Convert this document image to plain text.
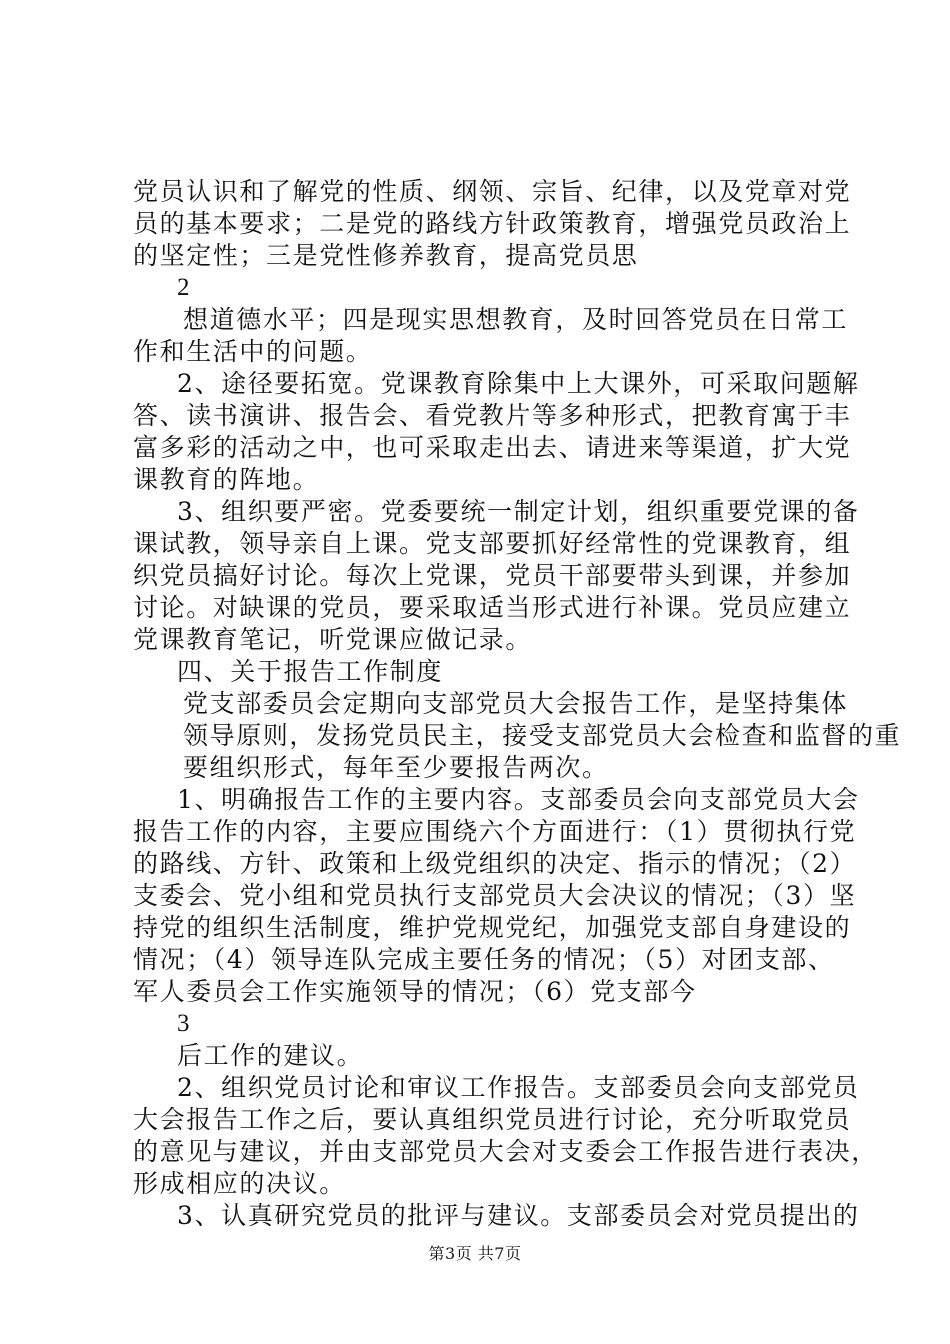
党员认识和了解党的性质、纲领、宗旨、纪律，以及党章对党
员的基本要求；二是党的路线方针政策教育，增强党员政治上
的坚定性；三是党性修养教育，提高党员思
2
想道德水平；四是现实思想教育，及时回答党员在日常工
作和生活中的问题。
2、途径要拓宽。党课教育除集中上大课外，可采取问题解
答、读书演讲、报告会、看党教片等多种形式，把教育寓于丰
富多彩的活动之中，也可采取走出去、请进来等渠道，扩大党
课教育的阵地。
3、组织要严密。党委要统一制定计划，组织重要党课的备
课试教，领导亲自上课。党支部要抓好经常性的党课教育，组
织党员搞好讨论。每次上党课，党员干部要带头到课，并参加
讨论。对缺课的党员，要采取适当形式进行补课。党员应建立
党课教育笔记，听党课应做记录。
四、关于报告工作制度
党支部委员会定期向支部党员大会报告工作，是坚持集体
领导原则，发扬党员民主，接受支部党员大会检查和监督的重
要组织形式，每年至少要报告两次。
1、明确报告工作的主要内容。支部委员会向支部党员大会
报告工作的内容，主要应围绕六个方面进行：（1）贯彻执行党
的路线、方针、政策和上级党组织的决定、指示的情况；（2）
支委会、党小组和党员执行支部党员大会决议的情况；（3）坚
持党的组织生活制度，维护党规党纪，加强党支部自身建设的
情况；（4）领导连队完成主要任务的情况；（5）对团支部、
军人委员会工作实施领导的情况；（6）党支部今
3
后工作的建议。
2、组织党员讨论和审议工作报告。支部委员会向支部党员
大会报告工作之后，要认真组织党员进行讨论，充分听取党员
的意见与建议，并由支部党员大会对支委会工作报告进行表决，
形成相应的决议。
3、认真研究党员的批评与建议。支部委员会对党员提出的
第3页 共7页
